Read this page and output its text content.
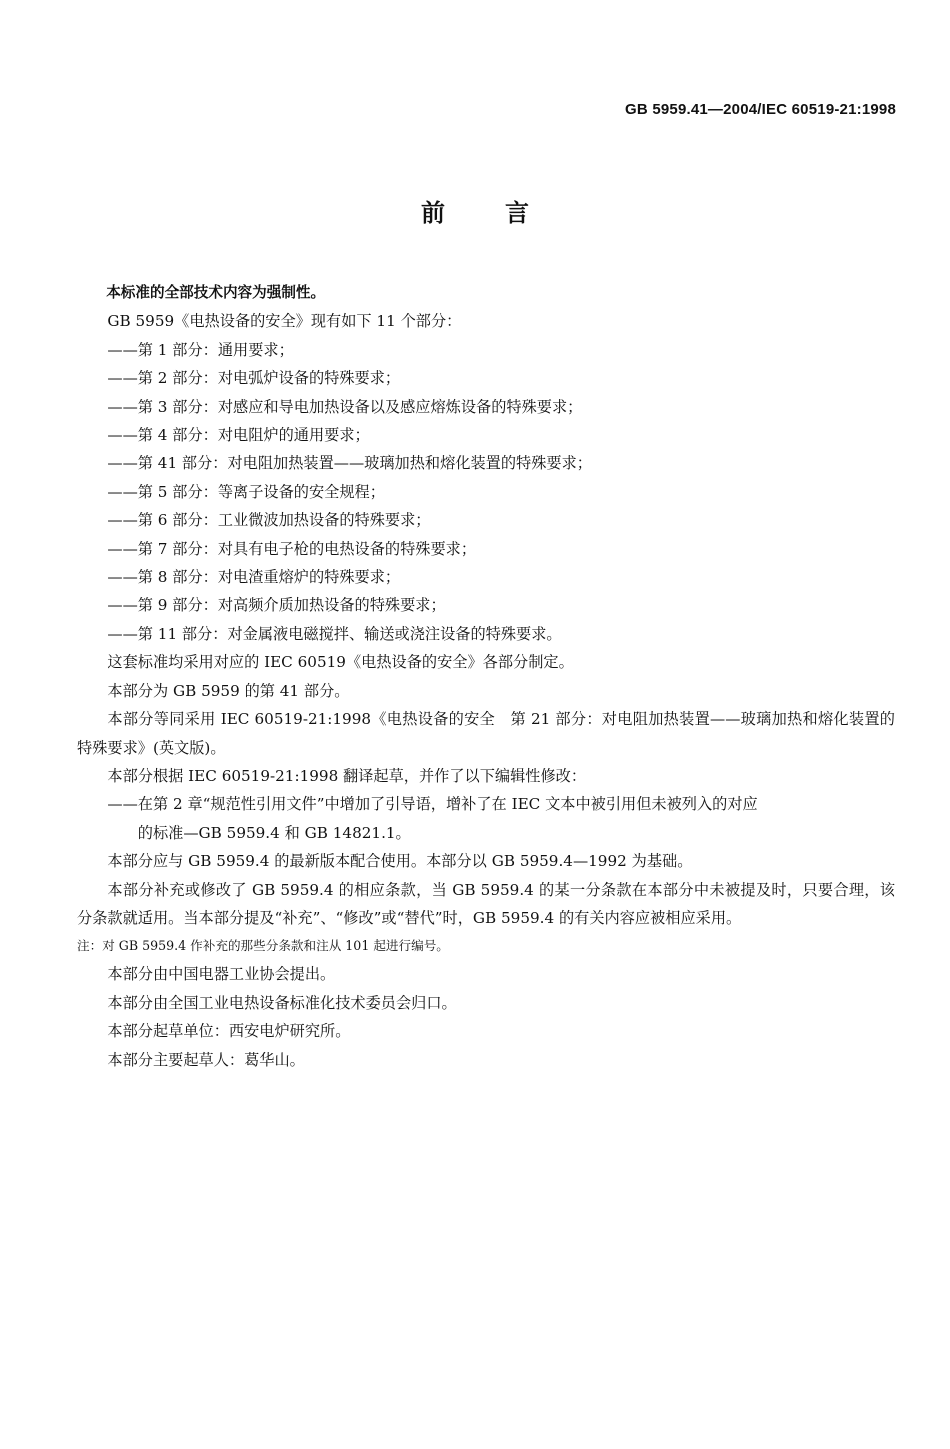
GB 5959.41—2004/IEC 60519-21:1998
前言

本标准的全部技术内容为强制性。

GB 5959《电热设备的安全》现有如下 11 个部分：

——第 1 部分：通用要求；

——第 2 部分：对电弧炉设备的特殊要求；

——第 3 部分：对感应和导电加热设备以及感应熔炼设备的特殊要求；

——第 4 部分：对电阻炉的通用要求；

——第 41 部分：对电阻加热装置——玻璃加热和熔化装置的特殊要求；

——第 5 部分：等离子设备的安全规程；

——第 6 部分：工业微波加热设备的特殊要求；

——第 7 部分：对具有电子枪的电热设备的特殊要求；

——第 8 部分：对电渣重熔炉的特殊要求；

——第 9 部分：对高频介质加热设备的特殊要求；

——第 11 部分：对金属液电磁搅拌、输送或浇注设备的特殊要求。

这套标准均采用对应的 IEC 60519《电热设备的安全》各部分制定。

本部分为 GB 5959 的第 41 部分。

本部分等同采用 IEC 60519-21:1998《电热设备的安全　第 21 部分：对电阻加热装置——玻璃加热和熔化装置的特殊要求》(英文版)。

本部分根据 IEC 60519-21:1998 翻译起草，并作了以下编辑性修改：

——在第 2 章“规范性引用文件”中增加了引导语，增补了在 IEC 文本中被引用但未被列入的对应
的标准—GB 5959.4 和 GB 14821.1。

本部分应与 GB 5959.4 的最新版本配合使用。本部分以 GB 5959.4—1992 为基础。

本部分补充或修改了 GB 5959.4 的相应条款，当 GB 5959.4 的某一分条款在本部分中未被提及时，只要合理，该分条款就适用。当本部分提及“补充”、“修改”或“替代”时，GB 5959.4 的有关内容应被相应采用。

注：对 GB 5959.4 作补充的那些分条款和注从 101 起进行编号。

本部分由中国电器工业协会提出。

本部分由全国工业电热设备标准化技术委员会归口。

本部分起草单位：西安电炉研究所。

本部分主要起草人：葛华山。
